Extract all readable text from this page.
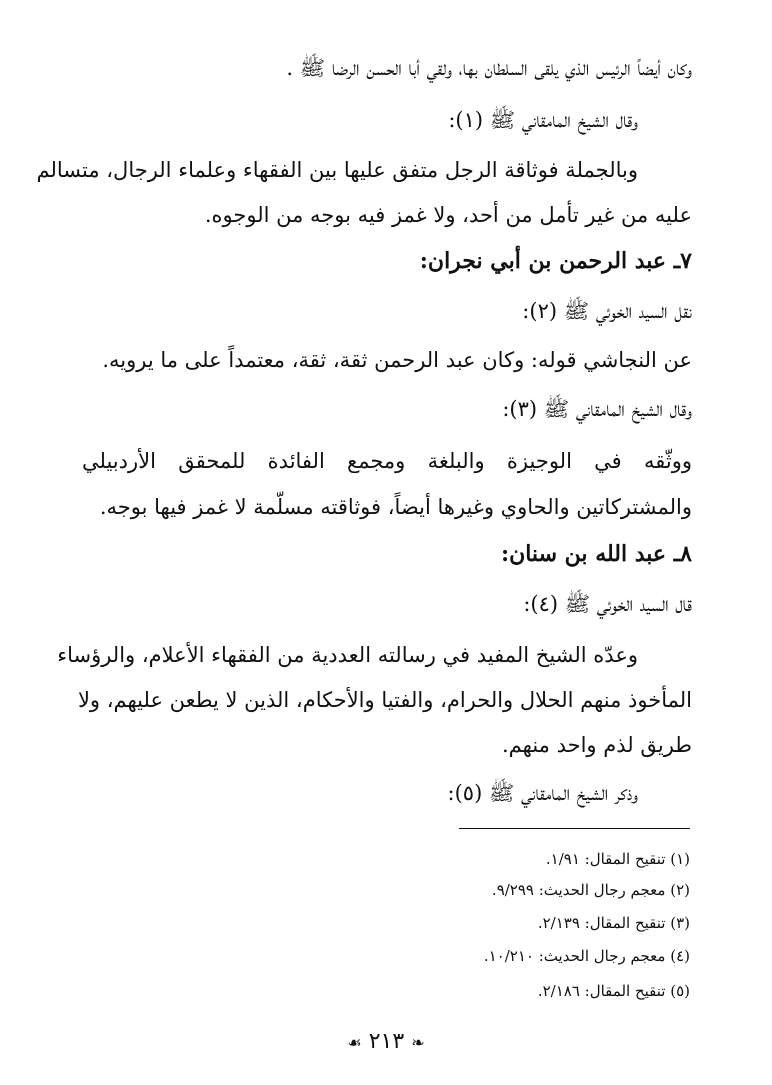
وكان أيضاً الرئيس الذي يلقى السلطان بها، ولقي أبا الحسن الرضا ﷺ .
وقال الشيخ المامقاني ﷺ (١):
وبالجملة فوثاقة الرجل متفق عليها بين الفقهاء وعلماء الرجال، متسالم
عليه من غير تأمل من أحد، ولا غمز فيه بوجه من الوجوه.
٧ـ عبد الرحمن بن أبي نجران:
نقل السيد الخوئي ﷺ (٢):
عن النجاشي قوله: وكان عبد الرحمن ثقة، ثقة، معتمداً على ما يرويه.
وقال الشيخ المامقاني ﷺ (٣):
ووثّقه في الوجيزة والبلغة ومجمع الفائدة للمحقق الأردبيلي
والمشتركاتين والحاوي وغيرها أيضاً، فوثاقته مسلّمة لا غمز فيها بوجه.
٨ـ عبد الله بن سنان:
قال السيد الخوئي ﷺ (٤):
وعدّه الشيخ المفيد في رسالته العددية من الفقهاء الأعلام، والرؤساء
المأخوذ منهم الحلال والحرام، والفتيا والأحكام، الذين لا يطعن عليهم، ولا
طريق لذم واحد منهم.
وذكر الشيخ المامقاني ﷺ (٥):
(١) تنقيح المقال: ١/٩١.
(٢) معجم رجال الحديث: ٩/٢٩٩.
(٣) تنقيح المقال: ٢/١٣٩.
(٤) معجم رجال الحديث: ١٠/٢١٠.
(٥) تنقيح المقال: ٢/١٨٦.
❧ ٢١٣ ☙
